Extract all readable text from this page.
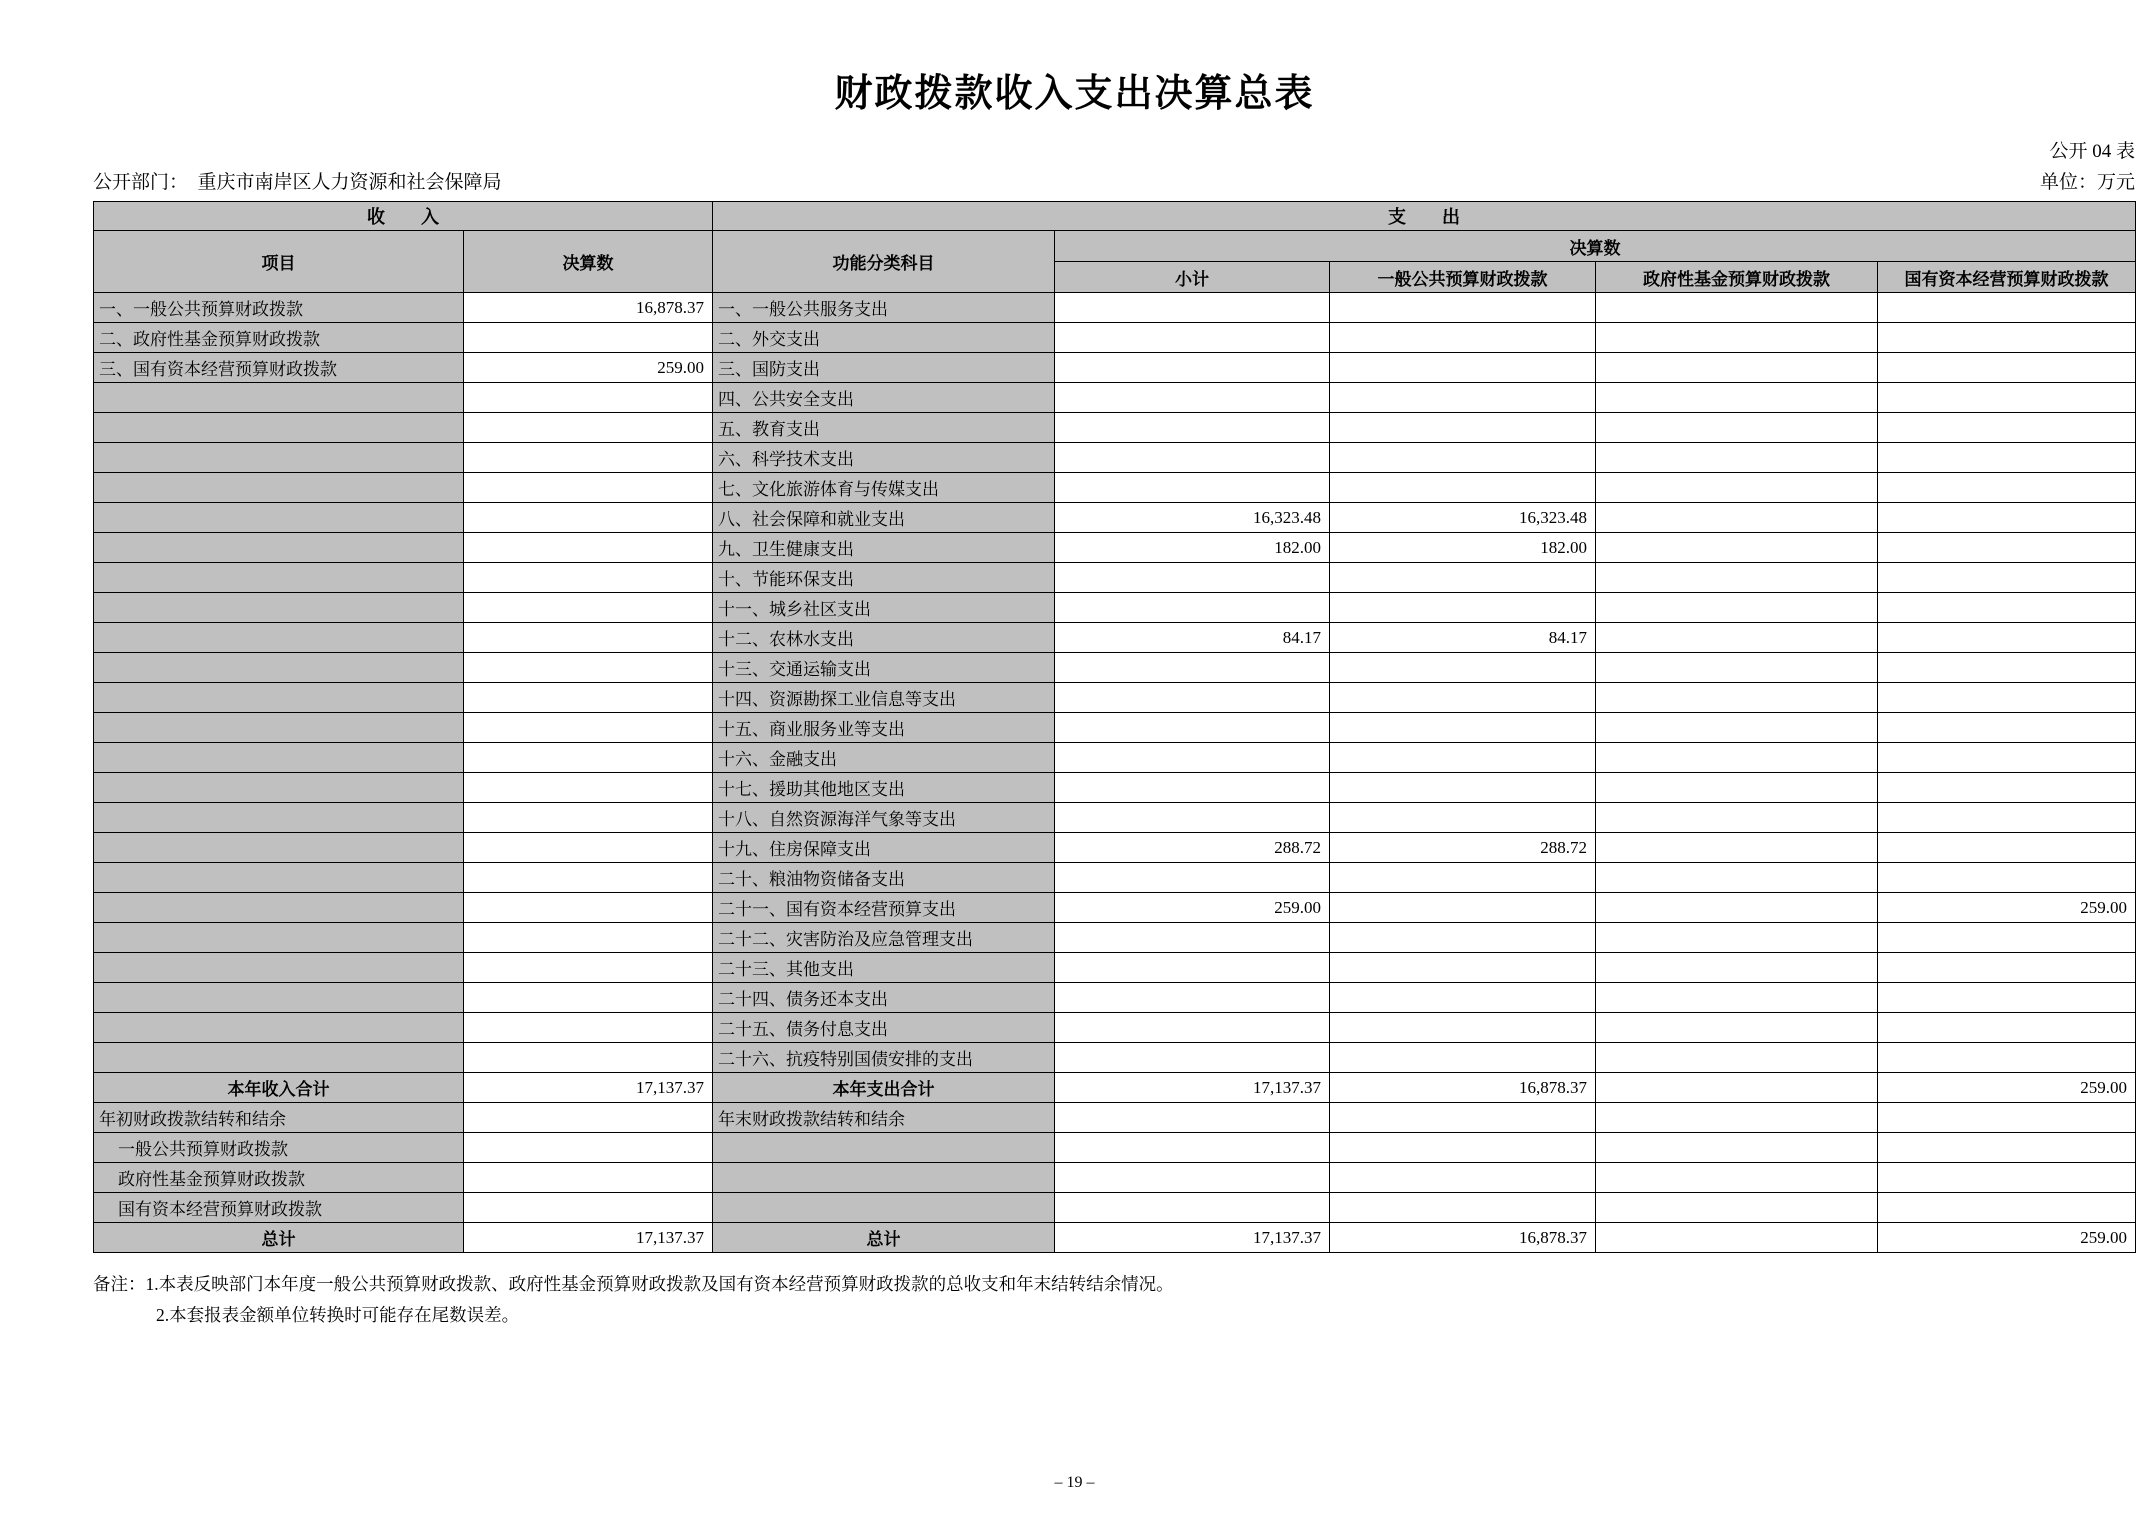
财政拨款收入支出决算总表
公开 04 表
公开部门：　重庆市南岸区人力资源和社会保障局	单位：万元
收　　入		支　　出				
项目	决算数	功能分类科目	决算数			
			小计	一般公共预算财政拨款	政府性基金预算财政拨款	国有资本经营预算财政拨款
一、一般公共预算财政拨款	16,878.37	一、一般公共服务支出				
二、政府性基金预算财政拨款		二、外交支出				
三、国有资本经营预算财政拨款	259.00	三、国防支出				
		四、公共安全支出				
		五、教育支出				
		六、科学技术支出				
		七、文化旅游体育与传媒支出				
		八、社会保障和就业支出	16,323.48	16,323.48		
		九、卫生健康支出	182.00	182.00		
		十、节能环保支出				
		十一、城乡社区支出				
		十二、农林水支出	84.17	84.17		
		十三、交通运输支出				
		十四、资源勘探工业信息等支出				
		十五、商业服务业等支出				
		十六、金融支出				
		十七、援助其他地区支出				
		十八、自然资源海洋气象等支出				
		十九、住房保障支出	288.72	288.72		
		二十、粮油物资储备支出				
		二十一、国有资本经营预算支出	259.00			259.00
		二十二、灾害防治及应急管理支出				
		二十三、其他支出				
		二十四、债务还本支出				
		二十五、债务付息支出				
		二十六、抗疫特别国债安排的支出				
本年收入合计	17,137.37	本年支出合计	17,137.37	16,878.37		259.00
年初财政拨款结转和结余		年末财政拨款结转和结余				
一般公共预算财政拨款						
政府性基金预算财政拨款						
国有资本经营预算财政拨款						
总计	17,137.37	总计	17,137.37	16,878.37		259.00
备注：1.本表反映部门本年度一般公共预算财政拨款、政府性基金预算财政拨款及国有资本经营预算财政拨款的总收支和年末结转结余情况。
2.本套报表金额单位转换时可能存在尾数误差。
– 19 –
